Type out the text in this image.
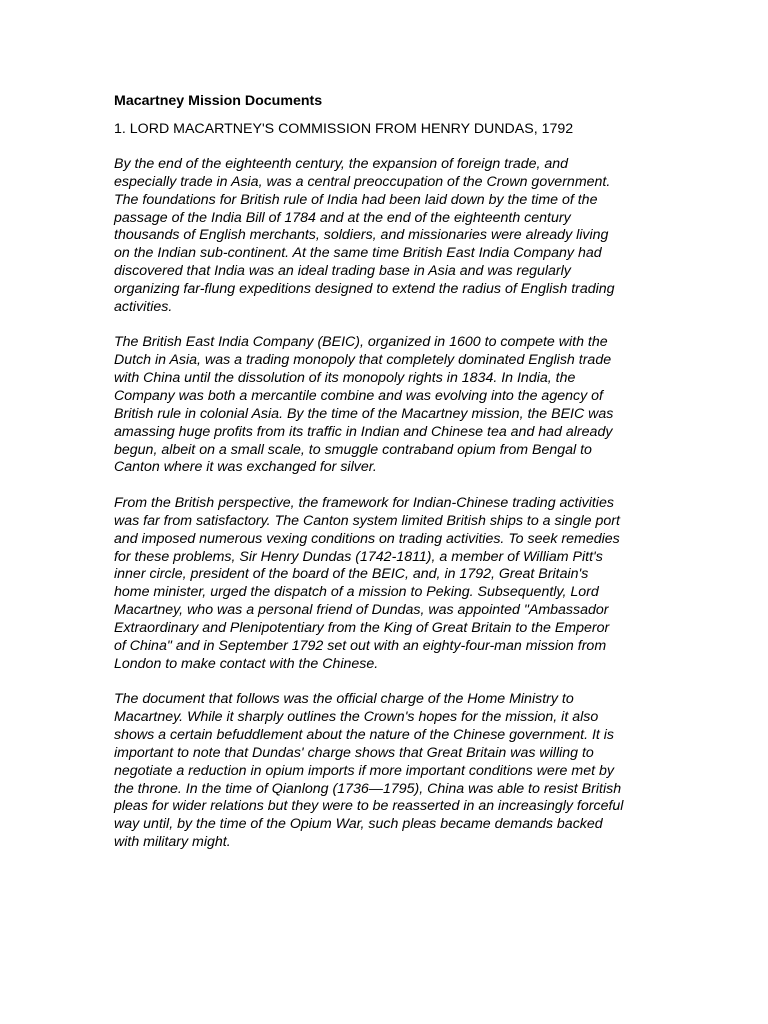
Macartney Mission Documents
1. LORD MACARTNEY'S COMMISSION FROM HENRY DUNDAS, 1792
By the end of the eighteenth century, the expansion of foreign trade, and
especially trade in Asia, was a central preoccupation of the Crown government.
The foundations for British rule of India had been laid down by the time of the
passage of the India Bill of 1784 and at the end of the eighteenth century
thousands of English merchants, soldiers, and missionaries were already living
on the Indian sub-continent. At the same time British East India Company had
discovered that India was an ideal trading base in Asia and was regularly
organizing far-flung expeditions designed to extend the radius of English trading
activities.
The British East India Company (BEIC), organized in 1600 to compete with the
Dutch in Asia, was a trading monopoly that completely dominated English trade
with China until the dissolution of its monopoly rights in 1834. In India, the
Company was both a mercantile combine and was evolving into the agency of
British rule in colonial Asia. By the time of the Macartney mission, the BEIC was
amassing huge profits from its traffic in Indian and Chinese tea and had already
begun, albeit on a small scale, to smuggle contraband opium from Bengal to
Canton where it was exchanged for silver.
From the British perspective, the framework for Indian-Chinese trading activities
was far from satisfactory. The Canton system limited British ships to a single port
and imposed numerous vexing conditions on trading activities. To seek remedies
for these problems, Sir Henry Dundas (1742-1811), a member of William Pitt's
inner circle, president of the board of the BEIC, and, in 1792, Great Britain's
home minister, urged the dispatch of a mission to Peking. Subsequently, Lord
Macartney, who was a personal friend of Dundas, was appointed "Ambassador
Extraordinary and Plenipotentiary from the King of Great Britain to the Emperor
of China" and in September 1792 set out with an eighty-four-man mission from
London to make contact with the Chinese.
The document that follows was the official charge of the Home Ministry to
Macartney. While it sharply outlines the Crown's hopes for the mission, it also
shows a certain befuddlement about the nature of the Chinese government. It is
important to note that Dundas' charge shows that Great Britain was willing to
negotiate a reduction in opium imports if more important conditions were met by
the throne. In the time of Qianlong (1736—1795), China was able to resist British
pleas for wider relations but they were to be reasserted in an increasingly forceful
way until, by the time of the Opium War, such pleas became demands backed
with military might.
